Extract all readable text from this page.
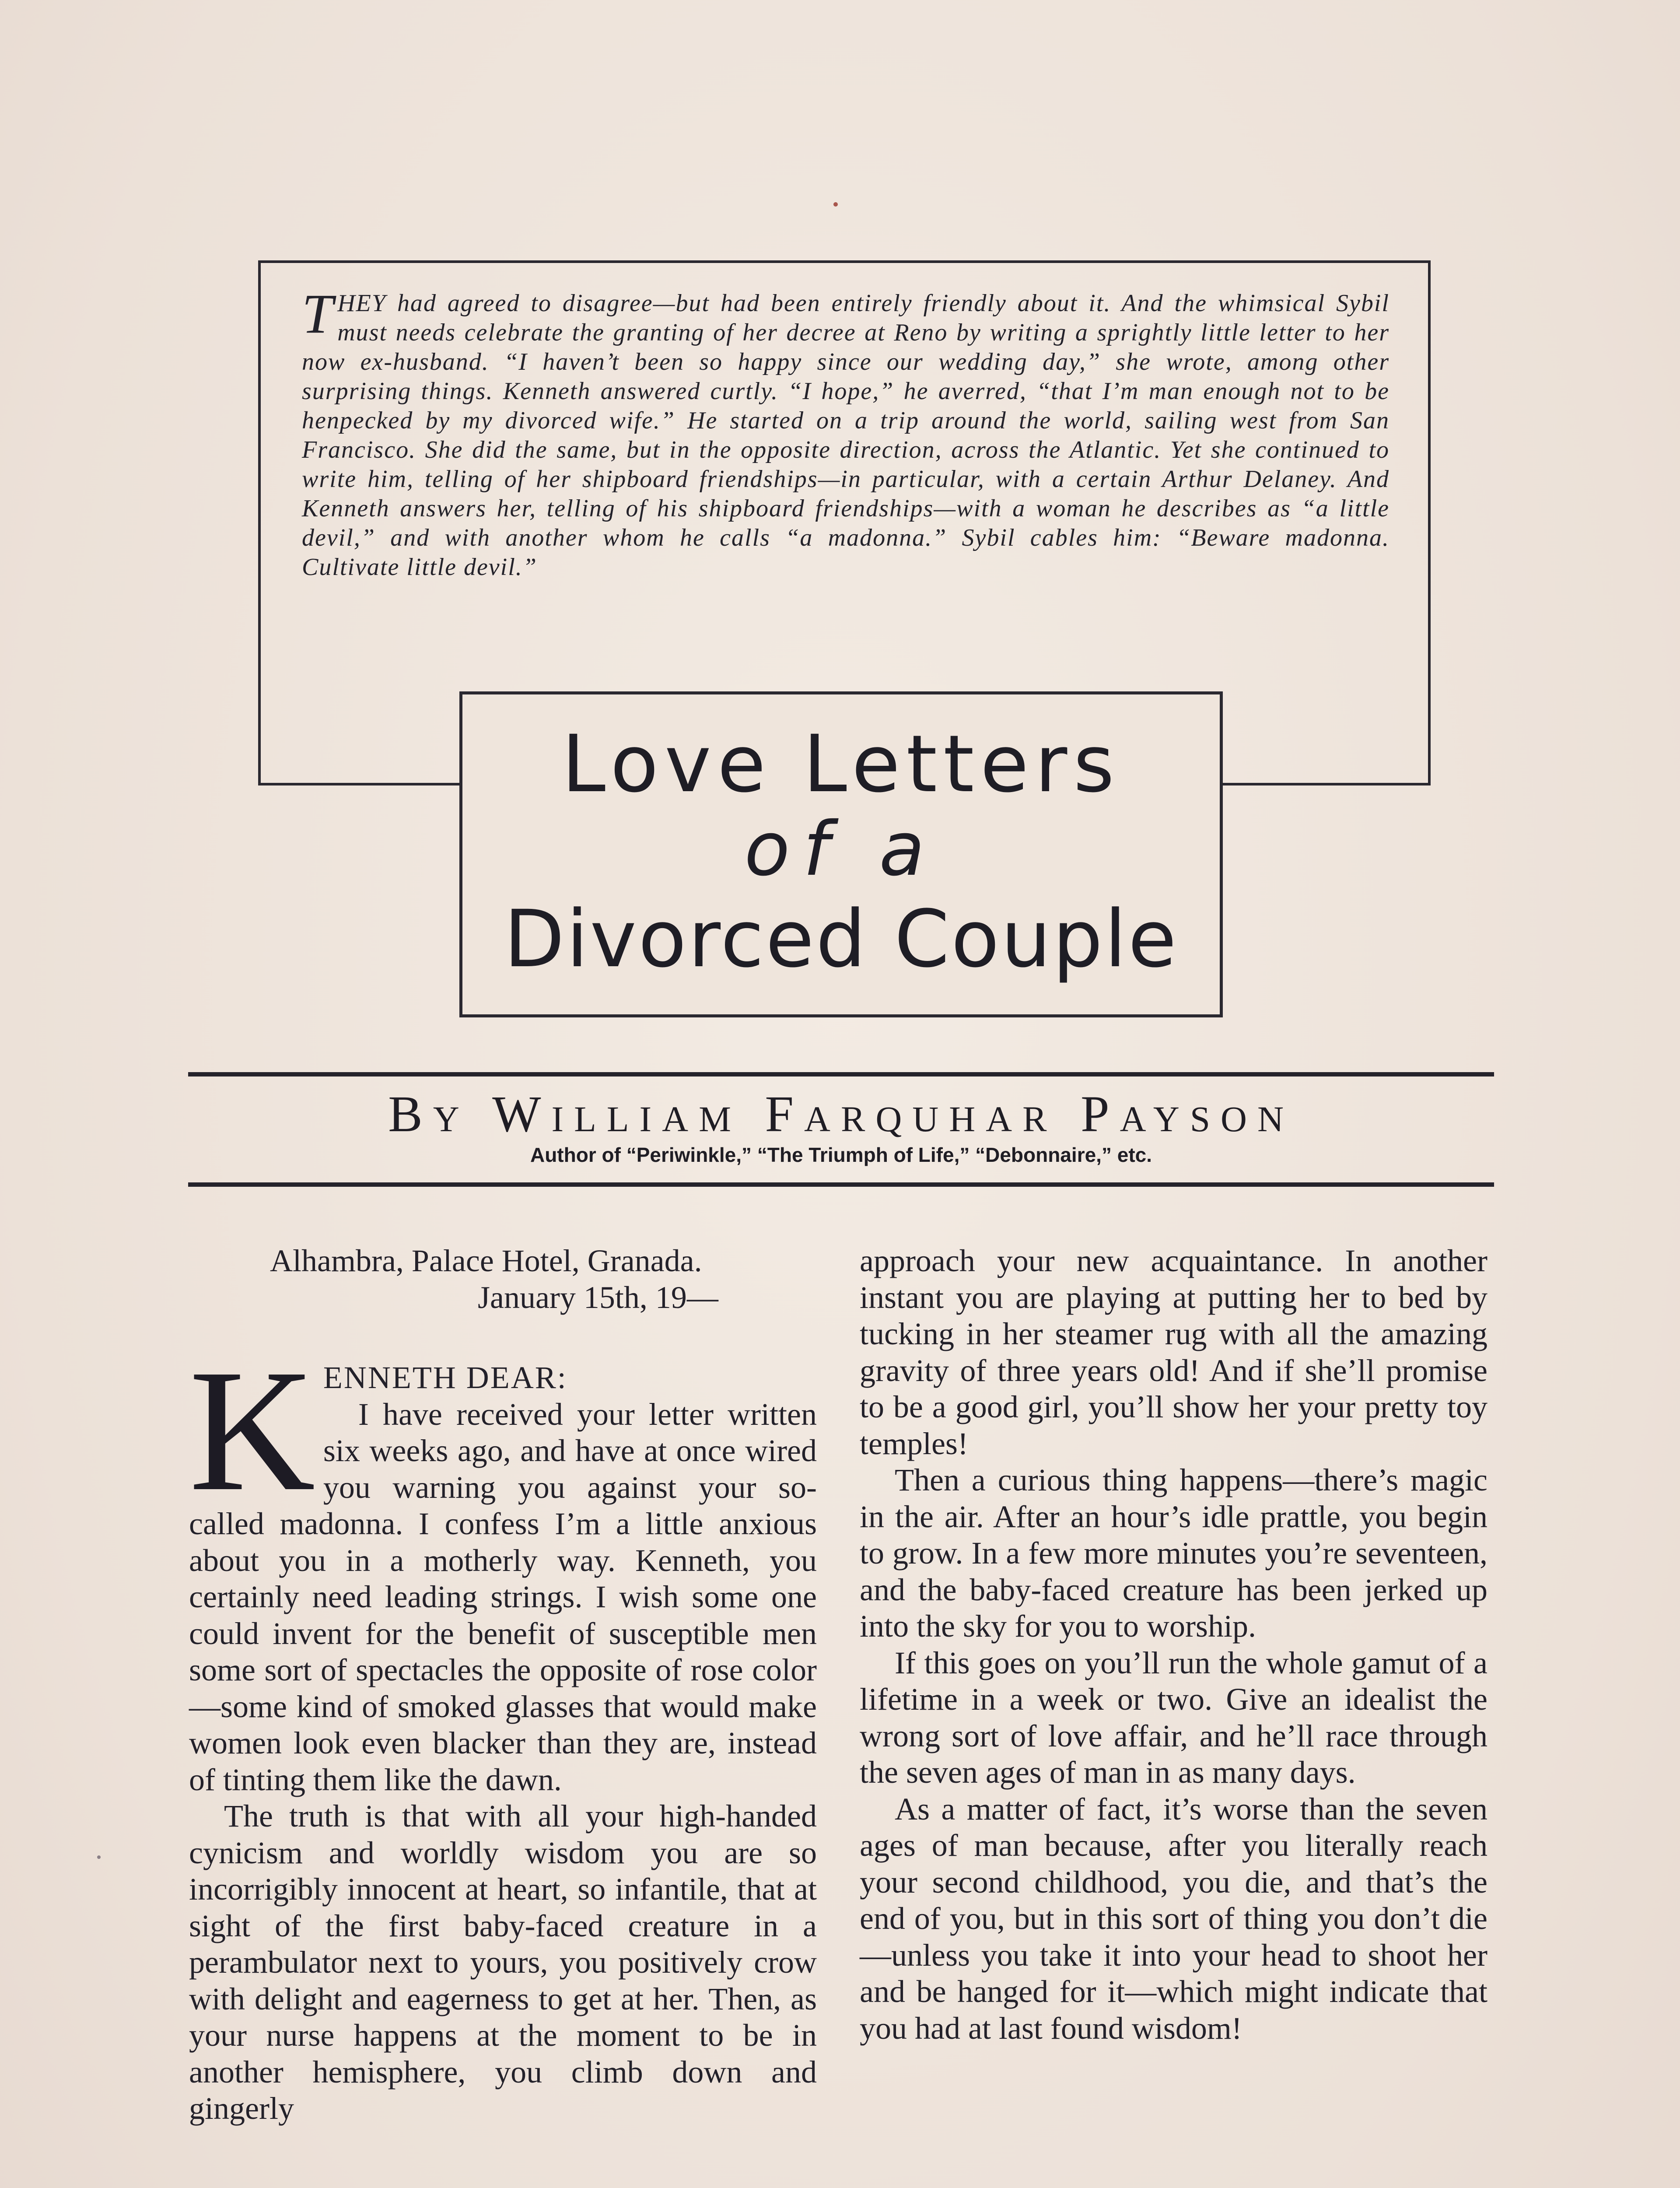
THEY had agreed to disagree—but had been entirely friendly about it. And the whimsical Sybil must needs celebrate the granting of her decree at Reno by writing a sprightly little letter to her now ex-husband. “I haven’t been so happy since our wedding day,” she wrote, among other surprising things. Kenneth answered curtly. “I hope,” he averred, “that I’m man enough not to be henpecked by my divorced wife.” He started on a trip around the world, sailing west from San Francisco. She did the same, but in the opposite direction, across the Atlantic. Yet she continued to write him, telling of her shipboard friendships—in particular, with a certain Arthur Delaney. And Kenneth answers her, telling of his shipboard friendships—with a woman he describes as “a little devil,” and with another whom he calls “a madonna.” Sybil cables him: “Beware madonna. Cultivate little devil.”
Love Letters
of a
Divorced Couple
By William Farquhar Payson
Author of “Periwinkle,” “The Triumph of Life,” “Debonnaire,” etc.
Alhambra, Palace Hotel, Granada.
January 15th, 19—
K ENNETH DEAR:

I have received your letter written six weeks ago, and have at once wired you warning you against your so-called madonna. I confess I’m a little anxious about you in a motherly way. Kenneth, you certainly need leading strings. I wish some one could invent for the benefit of susceptible men some sort of spectacles the opposite of rose color—some kind of smoked glasses that would make women look even blacker than they are, instead of tinting them like the dawn.

The truth is that with all your high-handed cynicism and worldly wisdom you are so incorrigibly innocent at heart, so infantile, that at sight of the first baby-faced creature in a perambulator next to yours, you positively crow with delight and eagerness to get at her. Then, as your nurse happens at the moment to be in another hemisphere, you climb down and gingerly

approach your new acquaintance. In another instant you are playing at putting her to bed by tucking in her steamer rug with all the amazing gravity of three years old! And if she’ll promise to be a good girl, you’ll show her your pretty toy temples!

Then a curious thing happens—there’s magic in the air. After an hour’s idle prattle, you begin to grow. In a few more minutes you’re seventeen, and the baby-faced creature has been jerked up into the sky for you to worship.

If this goes on you’ll run the whole gamut of a lifetime in a week or two. Give an idealist the wrong sort of love affair, and he’ll race through the seven ages of man in as many days.

As a matter of fact, it’s worse than the seven ages of man because, after you literally reach your second childhood, you die, and that’s the end of you, but in this sort of thing you don’t die—unless you take it into your head to shoot her and be hanged for it—which might indicate that you had at last found wisdom!
